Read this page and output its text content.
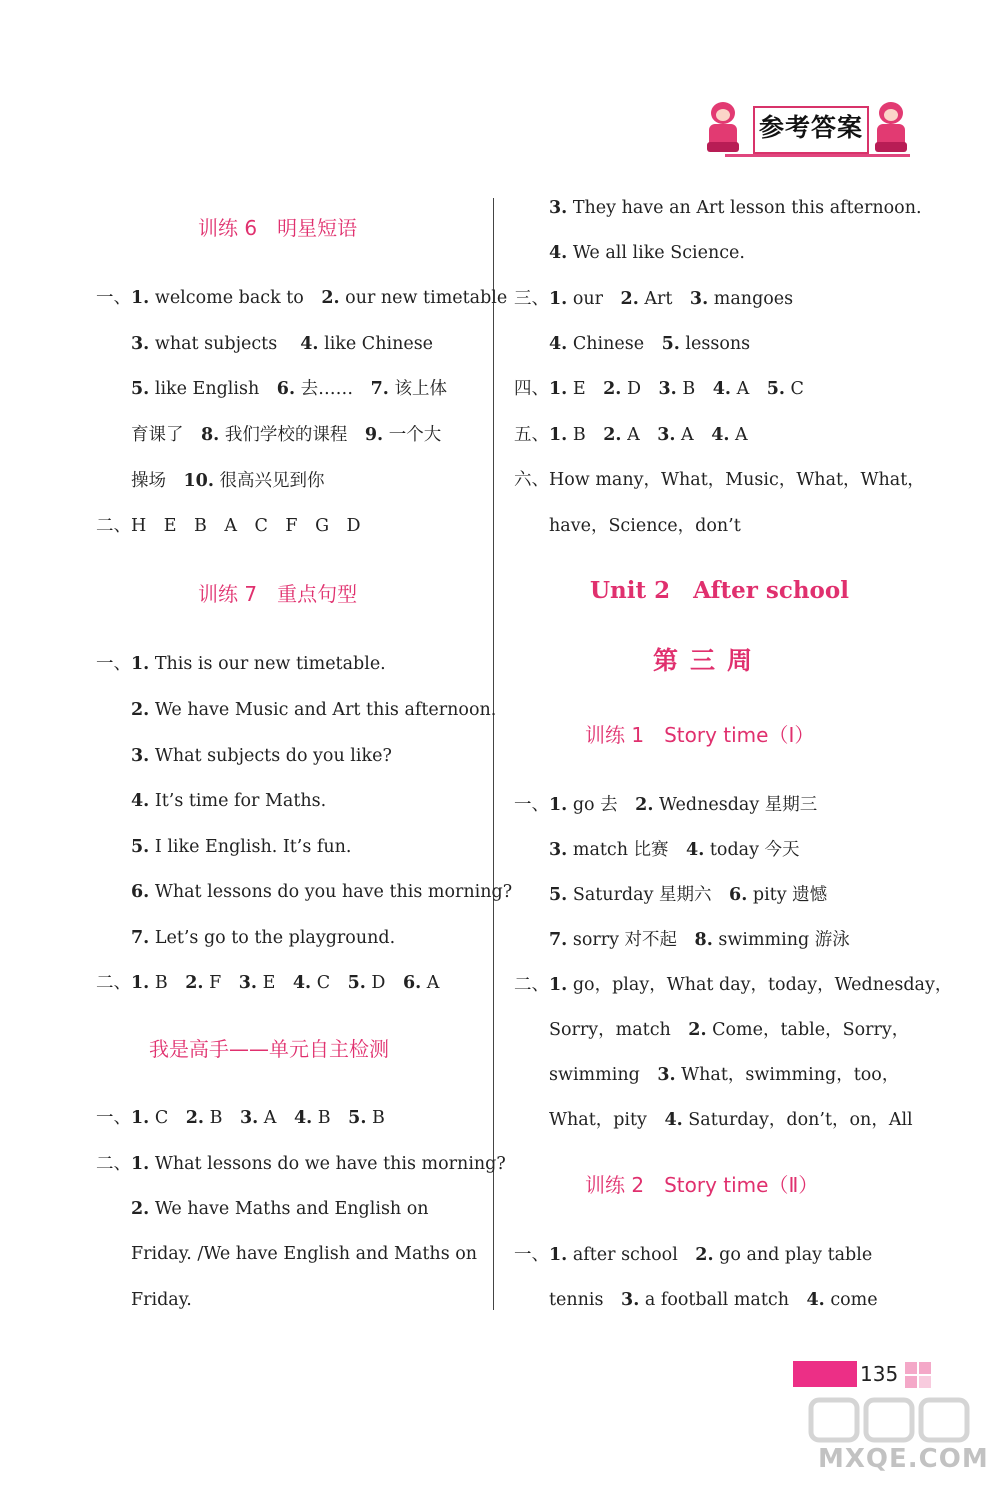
参考答案
训练 6　明星短语
一、1. welcome back to　2. our new timetable
3. what subjects　 4. like Chinese
5. like English　6. 去……　7. 该上体
育课了　8. 我们学校的课程　9. 一个大
操场　10. 很高兴见到你
二、H　E　B　A　C　F　G　D
训练 7　重点句型
一、1. This is our new timetable.
2. We have Music and Art this afternoon.
3. What subjects do you like?
4. It’s time for Maths.
5. I like English. It’s fun.
6. What lessons do you have this morning?
7. Let’s go to the playground.
二、1. B　2. F　3. E　4. C　5. D　6. A
我是高手——单元自主检测
一、1. C　2. B　3. A　4. B　5. B
二、1. What lessons do we have this morning?
2. We have Maths and English on
Friday. /We have English and Maths on
Friday.
3. They have an Art lesson this afternoon.
4. We all like Science.
三、1. our　2. Art　3. mangoes
4. Chinese　5. lessons
四、1. E　2. D　3. B　4. A　5. C
五、1. B　2. A　3. A　4. A
六、How many，What，Music，What，What，
have，Science，don’t
Unit 2　After school
第三周
训练 1　Story time（Ⅰ）
一、1. go 去　2. Wednesday 星期三
3. match 比赛　4. today 今天
5. Saturday 星期六　6. pity 遗憾
7. sorry 对不起　8. swimming 游泳
二、1. go，play，What day，today，Wednesday，
Sorry，match　2. Come，table，Sorry，
swimming　3. What，swimming，too，
What，pity　4. Saturday，don’t，on，All
训练 2　Story time（Ⅱ）
一、1. after school　2. go and play table
tennis　3. a football match　4. come
135
MXQE.COM
